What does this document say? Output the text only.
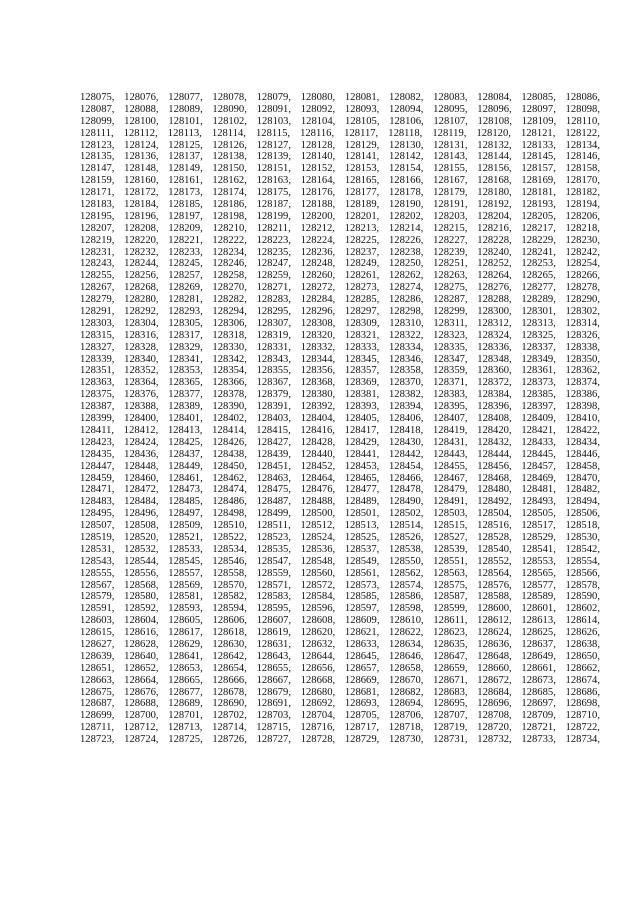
128075, 128076, 128077, 128078, 128079, 128080, 128081, 128082, 128083, 128084, 128085, 128086,
128087, 128088, 128089, 128090, 128091, 128092, 128093, 128094, 128095, 128096, 128097, 128098,
128099, 128100, 128101, 128102, 128103, 128104, 128105, 128106, 128107, 128108, 128109, 128110,
128111, 128112, 128113, 128114, 128115, 128116, 128117, 128118, 128119, 128120, 128121, 128122,
128123, 128124, 128125, 128126, 128127, 128128, 128129, 128130, 128131, 128132, 128133, 128134,
128135, 128136, 128137, 128138, 128139, 128140, 128141, 128142, 128143, 128144, 128145, 128146,
128147, 128148, 128149, 128150, 128151, 128152, 128153, 128154, 128155, 128156, 128157, 128158,
128159, 128160, 128161, 128162, 128163, 128164, 128165, 128166, 128167, 128168, 128169, 128170,
128171, 128172, 128173, 128174, 128175, 128176, 128177, 128178, 128179, 128180, 128181, 128182,
128183, 128184, 128185, 128186, 128187, 128188, 128189, 128190, 128191, 128192, 128193, 128194,
128195, 128196, 128197, 128198, 128199, 128200, 128201, 128202, 128203, 128204, 128205, 128206,
128207, 128208, 128209, 128210, 128211, 128212, 128213, 128214, 128215, 128216, 128217, 128218,
128219, 128220, 128221, 128222, 128223, 128224, 128225, 128226, 128227, 128228, 128229, 128230,
128231, 128232, 128233, 128234, 128235, 128236, 128237, 128238, 128239, 128240, 128241, 128242,
128243, 128244, 128245, 128246, 128247, 128248, 128249, 128250, 128251, 128252, 128253, 128254,
128255, 128256, 128257, 128258, 128259, 128260, 128261, 128262, 128263, 128264, 128265, 128266,
128267, 128268, 128269, 128270, 128271, 128272, 128273, 128274, 128275, 128276, 128277, 128278,
128279, 128280, 128281, 128282, 128283, 128284, 128285, 128286, 128287, 128288, 128289, 128290,
128291, 128292, 128293, 128294, 128295, 128296, 128297, 128298, 128299, 128300, 128301, 128302,
128303, 128304, 128305, 128306, 128307, 128308, 128309, 128310, 128311, 128312, 128313, 128314,
128315, 128316, 128317, 128318, 128319, 128320, 128321, 128322, 128323, 128324, 128325, 128326,
128327, 128328, 128329, 128330, 128331, 128332, 128333, 128334, 128335, 128336, 128337, 128338,
128339, 128340, 128341, 128342, 128343, 128344, 128345, 128346, 128347, 128348, 128349, 128350,
128351, 128352, 128353, 128354, 128355, 128356, 128357, 128358, 128359, 128360, 128361, 128362,
128363, 128364, 128365, 128366, 128367, 128368, 128369, 128370, 128371, 128372, 128373, 128374,
128375, 128376, 128377, 128378, 128379, 128380, 128381, 128382, 128383, 128384, 128385, 128386,
128387, 128388, 128389, 128390, 128391, 128392, 128393, 128394, 128395, 128396, 128397, 128398,
128399, 128400, 128401, 128402, 128403, 128404, 128405, 128406, 128407, 128408, 128409, 128410,
128411, 128412, 128413, 128414, 128415, 128416, 128417, 128418, 128419, 128420, 128421, 128422,
128423, 128424, 128425, 128426, 128427, 128428, 128429, 128430, 128431, 128432, 128433, 128434,
128435, 128436, 128437, 128438, 128439, 128440, 128441, 128442, 128443, 128444, 128445, 128446,
128447, 128448, 128449, 128450, 128451, 128452, 128453, 128454, 128455, 128456, 128457, 128458,
128459, 128460, 128461, 128462, 128463, 128464, 128465, 128466, 128467, 128468, 128469, 128470,
128471, 128472, 128473, 128474, 128475, 128476, 128477, 128478, 128479, 128480, 128481, 128482,
128483, 128484, 128485, 128486, 128487, 128488, 128489, 128490, 128491, 128492, 128493, 128494,
128495, 128496, 128497, 128498, 128499, 128500, 128501, 128502, 128503, 128504, 128505, 128506,
128507, 128508, 128509, 128510, 128511, 128512, 128513, 128514, 128515, 128516, 128517, 128518,
128519, 128520, 128521, 128522, 128523, 128524, 128525, 128526, 128527, 128528, 128529, 128530,
128531, 128532, 128533, 128534, 128535, 128536, 128537, 128538, 128539, 128540, 128541, 128542,
128543, 128544, 128545, 128546, 128547, 128548, 128549, 128550, 128551, 128552, 128553, 128554,
128555, 128556, 128557, 128558, 128559, 128560, 128561, 128562, 128563, 128564, 128565, 128566,
128567, 128568, 128569, 128570, 128571, 128572, 128573, 128574, 128575, 128576, 128577, 128578,
128579, 128580, 128581, 128582, 128583, 128584, 128585, 128586, 128587, 128588, 128589, 128590,
128591, 128592, 128593, 128594, 128595, 128596, 128597, 128598, 128599, 128600, 128601, 128602,
128603, 128604, 128605, 128606, 128607, 128608, 128609, 128610, 128611, 128612, 128613, 128614,
128615, 128616, 128617, 128618, 128619, 128620, 128621, 128622, 128623, 128624, 128625, 128626,
128627, 128628, 128629, 128630, 128631, 128632, 128633, 128634, 128635, 128636, 128637, 128638,
128639, 128640, 128641, 128642, 128643, 128644, 128645, 128646, 128647, 128648, 128649, 128650,
128651, 128652, 128653, 128654, 128655, 128656, 128657, 128658, 128659, 128660, 128661, 128662,
128663, 128664, 128665, 128666, 128667, 128668, 128669, 128670, 128671, 128672, 128673, 128674,
128675, 128676, 128677, 128678, 128679, 128680, 128681, 128682, 128683, 128684, 128685, 128686,
128687, 128688, 128689, 128690, 128691, 128692, 128693, 128694, 128695, 128696, 128697, 128698,
128699, 128700, 128701, 128702, 128703, 128704, 128705, 128706, 128707, 128708, 128709, 128710,
128711, 128712, 128713, 128714, 128715, 128716, 128717, 128718, 128719, 128720, 128721, 128722,
128723, 128724, 128725, 128726, 128727, 128728, 128729, 128730, 128731, 128732, 128733, 128734,
